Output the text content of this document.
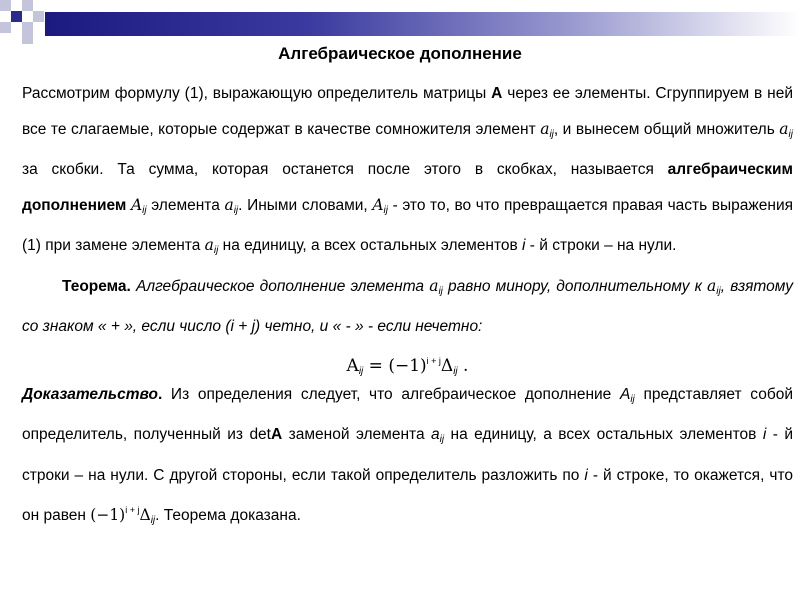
Алгебраическое дополнение

Рассмотрим формулу (1), выражающую определитель матрицы A через ее элементы. Сгруппируем в ней все те слагаемые, которые содержат в качестве сомножителя элемент $a_{ij}$, и вынесем общий множитель $a_{ij}$ за скобки. Та сумма, которая останется после этого в скобках, называется алгебраическим дополнением $A_{ij}$ элемента $a_{ij}$. Иными словами, $A_{ij}$ - это то, во что превращается правая часть выражения (1) при замене элемента $a_{ij}$ на единицу, а всех остальных элементов i - й строки – на нули.

Теорема. Алгебраическое дополнение элемента $a_{ij}$ равно минору, дополнительному к $a_{ij}$, взятому со знаком « + », если число (i + j) четно, и « - » - если нечетно:

$A_{ij} = (-1)^{i + j}\Delta_{ij}$ .

Доказательство. Из определения следует, что алгебраическое дополнение $A_{ij}$ представляет собой определитель, полученный из detA заменой элемента $a_{ij}$ на единицу, а всех остальных элементов i - й строки – на нули. С другой стороны, если такой определитель разложить по i - й строке, то окажется, что он равен $(-1)^{i + j}\Delta_{ij}$. Теорема доказана.
